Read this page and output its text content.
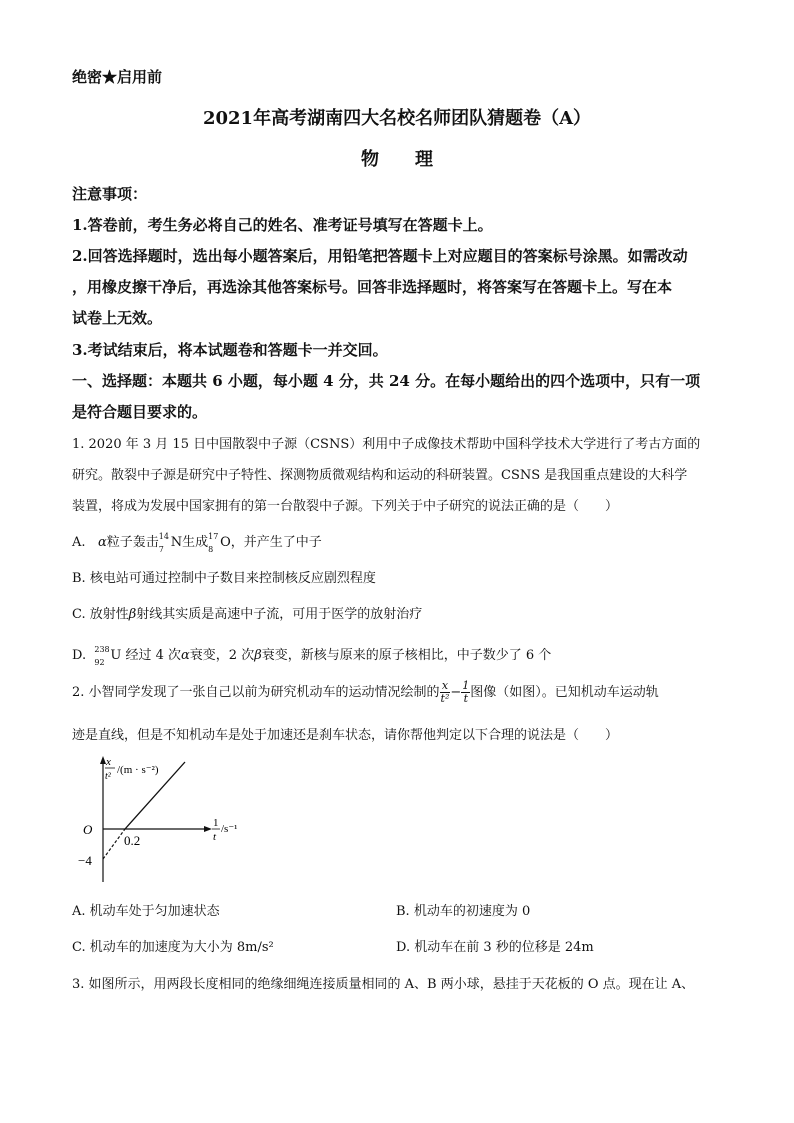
绝密★启用前
2021年高考湖南四大名校名师团队猜题卷（A）
物　　理
注意事项：
1.答卷前，考生务必将自己的姓名、准考证号填写在答题卡上。
2.回答选择题时，选出每小题答案后，用铅笔把答题卡上对应题目的答案标号涂黑。如需改动
，用橡皮擦干净后，再选涂其他答案标号。回答非选择题时，将答案写在答题卡上。写在本
试卷上无效。
3.考试结束后，将本试题卷和答题卡一并交回。
一、选择题：本题共 6 小题，每小题 4 分，共 24 分。在每小题给出的四个选项中，只有一项
是符合题目要求的。
1. 2020 年 3 月 15 日中国散裂中子源（CSNS）利用中子成像技术帮助中国科学技术大学进行了考古方面的
研究。散裂中子源是研究中子特性、探测物质微观结构和运动的科研装置。CSNS 是我国重点建设的大科学
装置，将成为发展中国家拥有的第一台散裂中子源。下列关于中子研究的说法正确的是（　　）
A. α粒子轰击 14
7 N生成 17
8 O，并产生了中子
B. 核电站可通过控制中子数目来控制核反应剧烈程度
C. 放射性β射线其实质是高速中子流，可用于医学的放射治疗
D. 238
92 U 经过 4 次α衰变，2 次β衰变，新核与原来的原子核相比，中子数少了 6 个
2. 小智同学发现了一张自己以前为研究机动车的运动情况绘制的 $\frac{x}{\text{t²}} - \frac{1}{t}$ 图像（如图）。已知机动车运动轨
迹是直线，但是不知机动车是处于加速还是刹车状态，请你帮他判定以下合理的说法是（　　）
x
t²
/(m · s⁻²)
1
t
/s⁻¹
O
0.2
−4
A. 机动车处于匀加速状态	B. 机动车的初速度为 0
C. 机动车的加速度为大小为 8m/s²	D. 机动车在前 3 秒的位移是 24m
3. 如图所示，用两段长度相同的绝缘细绳连接质量相同的 A、B 两小球，悬挂于天花板的 O 点。现在让 A、
